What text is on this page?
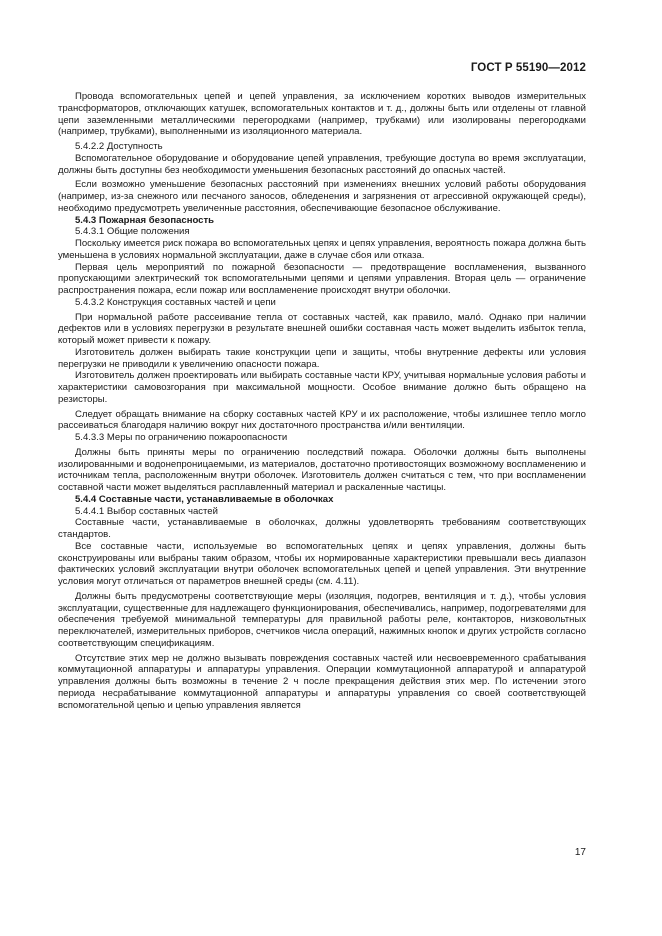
ГОСТ Р 55190—2012

Провода вспомогательных цепей и цепей управления, за исключением коротких выводов измерительных трансформаторов, отключающих катушек, вспомогательных контактов и т. д., должны быть или отделены от главной цепи заземленными металлическими перегородками (например, трубками) или изолированы перегородками (например, трубками), выполненными из изоляционного материала.

5.4.2.2 Доступность

Вспомогательное оборудование и оборудование цепей управления, требующие доступа во время эксплуатации, должны быть доступны без необходимости уменьшения безопасных расстояний до опасных частей.

Если возможно уменьшение безопасных расстояний при изменениях внешних условий работы оборудования (например, из-за снежного или песчаного заносов, обледенения и загрязнения от агрессивной окружающей среды), необходимо предусмотреть увеличенные расстояния, обеспечивающие безопасное обслуживание.

5.4.3 Пожарная безопасность

5.4.3.1 Общие положения

Поскольку имеется риск пожара во вспомогательных цепях и цепях управления, вероятность пожара должна быть уменьшена в условиях нормальной эксплуатации, даже в случае сбоя или отказа.

Первая цель мероприятий по пожарной безопасности — предотвращение воспламенения, вызванного пропускающими электрический ток вспомогательными цепями и цепями управления. Вторая цель — ограничение распространения пожара, если пожар или воспламенение происходят внутри оболочки.

5.4.3.2 Конструкция составных частей и цепи

При нормальной работе рассеивание тепла от составных частей, как правило, мало́. Однако при наличии дефектов или в условиях перегрузки в результате внешней ошибки составная часть может выделить избыток тепла, который может привести к пожару.

Изготовитель должен выбирать такие конструкции цепи и защиты, чтобы внутренние дефекты или условия перегрузки не приводили к увеличению опасности пожара.

Изготовитель должен проектировать или выбирать составные части КРУ, учитывая нормальные условия работы и характеристики самовозгорания при максимальной мощности. Особое внимание должно быть обращено на резисторы.

Следует обращать внимание на сборку составных частей КРУ и их расположение, чтобы излишнее тепло могло рассеиваться благодаря наличию вокруг них достаточного пространства и/или вентиляции.

5.4.3.3 Меры по ограничению пожароопасности

Должны быть приняты меры по ограничению последствий пожара. Оболочки должны быть выполнены изолированными и водонепроницаемыми, из материалов, достаточно противостоящих возможному воспламенению и источникам тепла, расположенным внутри оболочек. Изготовитель должен считаться с тем, что при воспламенении составной части может выделяться расплавленный материал и раскаленные частицы.

5.4.4 Составные части, устанавливаемые в оболочках

5.4.4.1 Выбор составных частей

Составные части, устанавливаемые в оболочках, должны удовлетворять требованиям соответствующих стандартов.

Все составные части, используемые во вспомогательных цепях и цепях управления, должны быть сконструированы или выбраны таким образом, чтобы их нормированные характеристики превышали весь диапазон фактических условий эксплуатации внутри оболочек вспомогательных цепей и цепей управления. Эти внутренние условия могут отличаться от параметров внешней среды (см. 4.11).

Должны быть предусмотрены соответствующие меры (изоляция, подогрев, вентиляция и т. д.), чтобы условия эксплуатации, существенные для надлежащего функционирования, обеспечивались, например, подогревателями для обеспечения требуемой минимальной температуры для правильной работы реле, контакторов, низковольтных переключателей, измерительных приборов, счетчиков числа операций, нажимных кнопок и других устройств согласно соответствующим спецификациям.

Отсутствие этих мер не должно вызывать повреждения составных частей или несвоевременного срабатывания коммутационной аппаратуры и аппаратуры управления. Операции коммутационной аппаратурой и аппаратурой управления должны быть возможны в течение 2 ч после прекращения действия этих мер. По истечении этого периода несрабатывание коммутационной аппаратуры и аппаратуры управления со своей соответствующей вспомогательной цепью и цепью управления является

17
